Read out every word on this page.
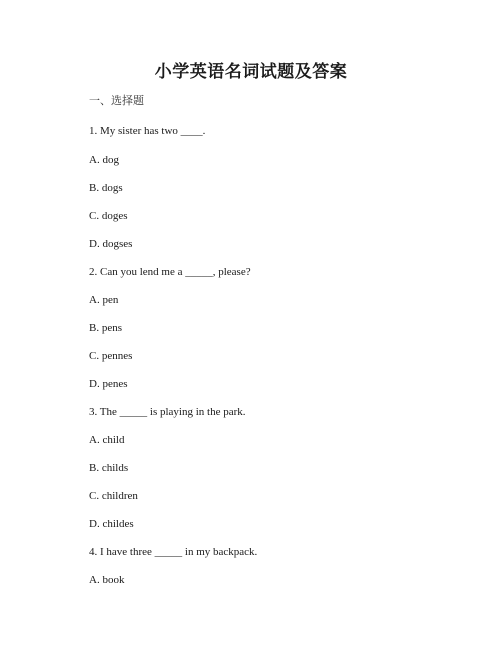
小学英语名词试题及答案
一、选择题
1. My sister has two ____.
A. dog
B. dogs
C. doges
D. dogses
2. Can you lend me a _____, please?
A. pen
B. pens
C. pennes
D. penes
3. The _____ is playing in the park.
A. child
B. childs
C. children
D. childes
4. I have three _____ in my backpack.
A. book
